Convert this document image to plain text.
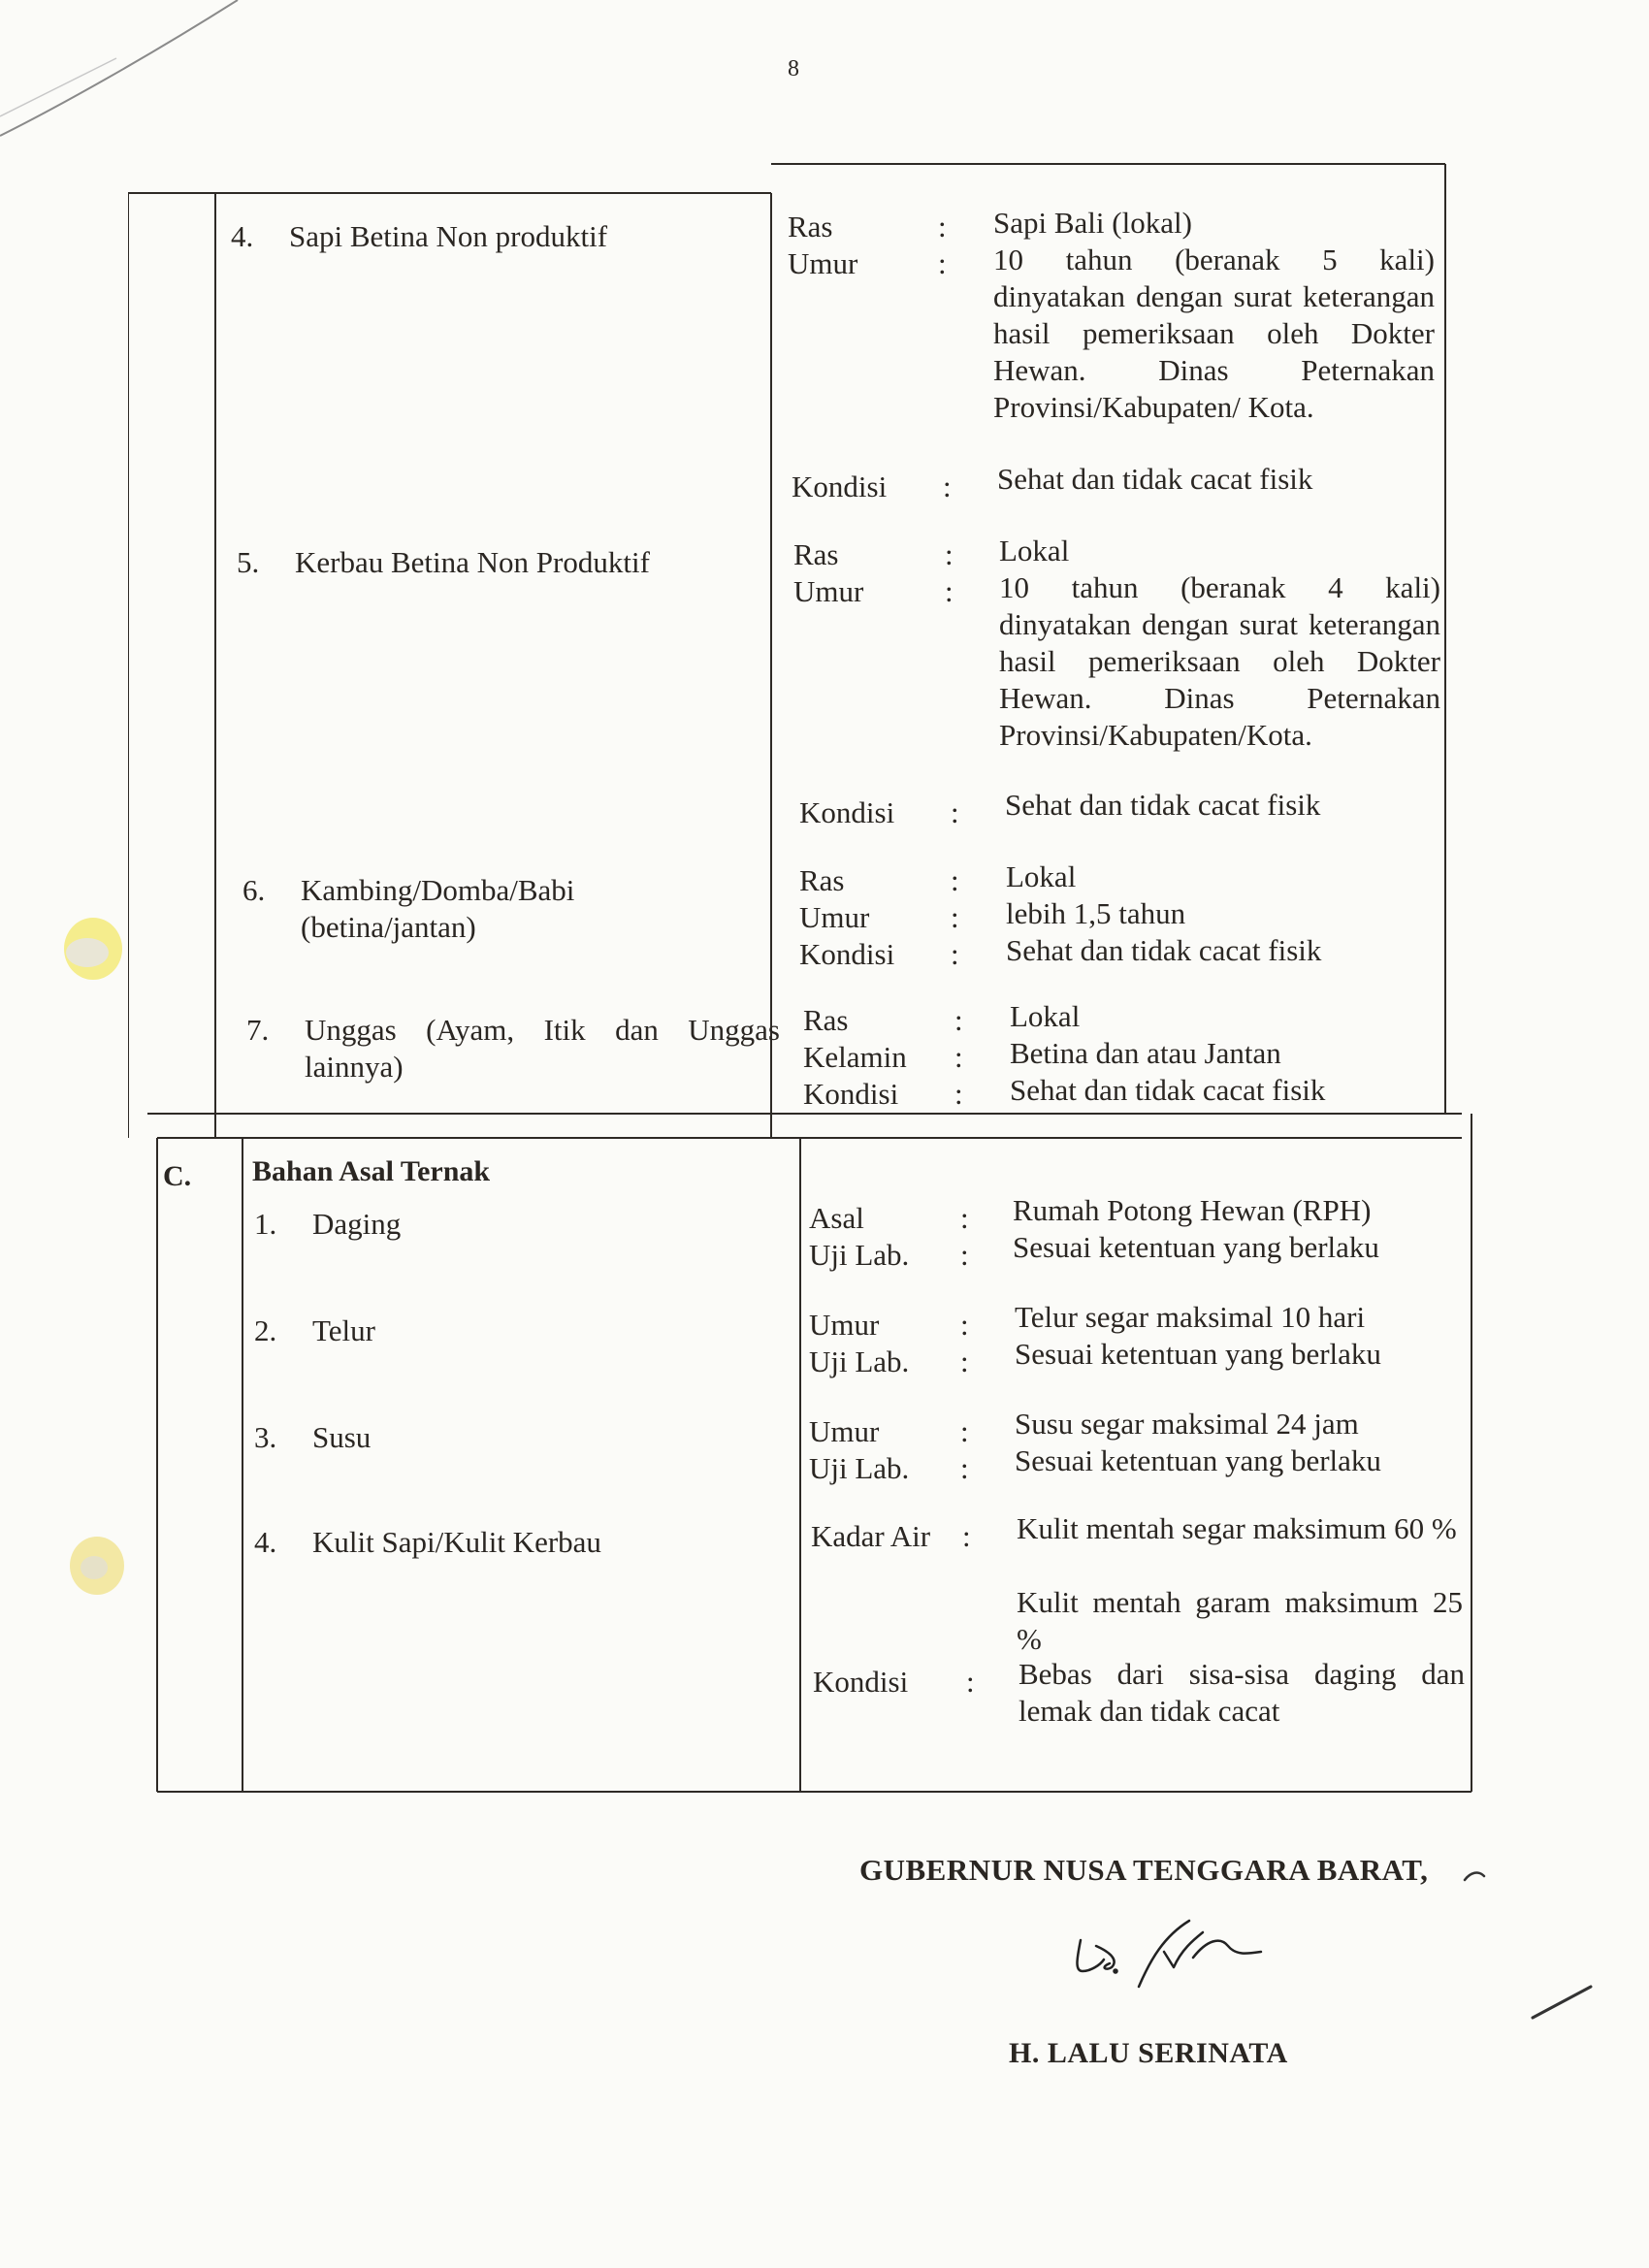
8
4.	Sapi Betina Non produktif	Ras	:	Sapi Bali (lokal)
Umur	:	10 tahun (beranak 5 kali) dinyatakan dengan surat keterangan hasil pemeriksaan oleh Dokter Hewan. Dinas Peternakan Provinsi/Kabupaten/ Kota.
Kondisi	:	Sehat dan tidak cacat fisik
5.	Kerbau Betina Non Produktif	Ras	:	Lokal
Umur	:	10 tahun (beranak 4 kali) dinyatakan dengan surat keterangan hasil pemeriksaan oleh Dokter Hewan. Dinas Peternakan Provinsi/Kabupaten/Kota.
Kondisi	:	Sehat dan tidak cacat fisik
6.	Kambing/Domba/Babi
(betina/jantan)
Ras	:	Lokal
Umur	:	lebih 1,5 tahun
Kondisi	:	Sehat dan tidak cacat fisik
7.	Unggas (Ayam, Itik dan Unggas

lainnya)
Ras	:	Lokal
Kelamin	:	Betina dan atau Jantan
Kondisi	:	Sehat dan tidak cacat fisik
C. Bahan Asal Ternak
1.	Daging	Asal	:	Rumah Potong Hewan (RPH)
Uji Lab.	:	Sesuai ketentuan yang berlaku
2.	Telur	Umur	:	Telur segar maksimal 10 hari
Uji Lab.	:	Sesuai ketentuan yang berlaku
3.	Susu	Umur	:	Susu segar maksimal 24 jam
Uji Lab.	:	Sesuai ketentuan yang berlaku
4.	Kulit Sapi/Kulit Kerbau	Kadar Air	:	Kulit mentah segar maksimum 60 %
Kulit mentah garam maksimum 25 %
Kondisi	:	Bebas dari sisa-sisa daging dan lemak dan tidak cacat
GUBERNUR NUSA TENGGARA BARAT,
H. LALU SERINATA
